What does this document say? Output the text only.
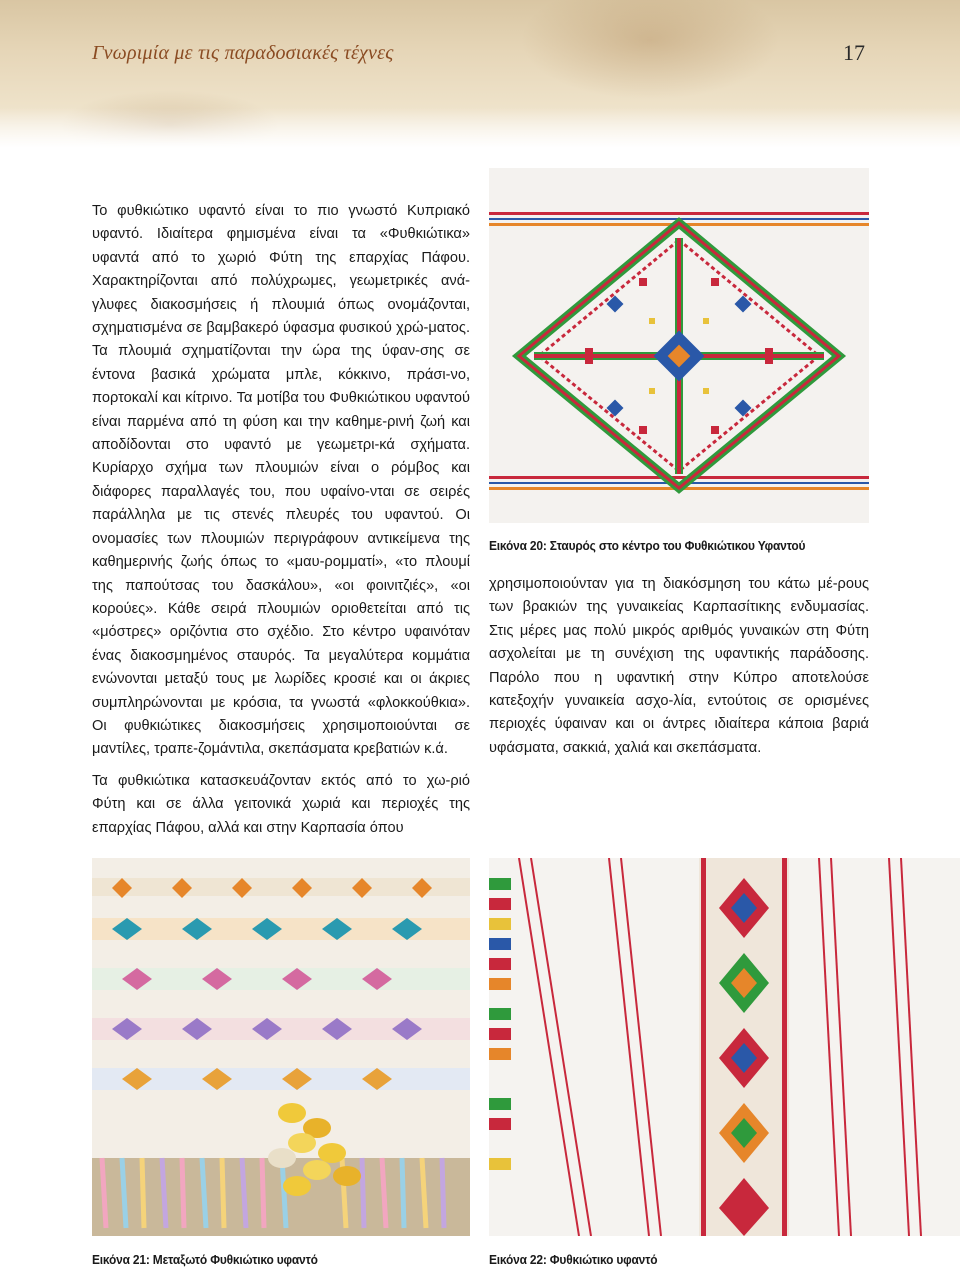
Γνωριμία με τις παραδοσιακές τέχνες	17

Το φυθκιώτικο υφαντό είναι το πιο γνωστό Κυπριακό υφαντό. Ιδιαίτερα φημισμένα είναι τα «Φυθκιώτικα» υφαντά από το χωριό Φύτη της επαρχίας Πάφου. Χαρακτηρίζονται από πολύχρωμες, γεωμετρικές ανά-γλυφες διακοσμήσεις ή πλουμιά όπως ονομάζονται, σχηματισμένα σε βαμβακερό ύφασμα φυσικού χρώ-ματος. Τα πλουμιά σχηματίζονται την ώρα της ύφαν-σης σε έντονα βασικά χρώματα μπλε, κόκκινο, πράσι-νο, πορτοκαλί και κίτρινο. Τα μοτίβα του Φυθκιώτικου υφαντού είναι παρμένα από τη φύση και την καθημε-ρινή ζωή και αποδίδονται στο υφαντό με γεωμετρι-κά σχήματα. Κυρίαρχο σχήμα των πλουμιών είναι ο ρόμβος και διάφορες παραλλαγές του, που υφαίνο-νται σε σειρές παράλληλα με τις στενές πλευρές του υφαντού. Οι ονομασίες των πλουμιών περιγράφουν αντικείμενα της καθημερινής ζωής όπως το «μαυ-ρομματί», «το πλουμί της παπούτσας του δασκάλου», «οι φοινιτζιές», «οι κορούες». Κάθε σειρά πλουμιών οριοθετείται από τις «μόστρες» οριζόντια στο σχέδιο. Στο κέντρο υφαινόταν ένας διακοσμημένος σταυρός. Τα μεγαλύτερα κομμάτια ενώνονται μεταξύ τους με λωρίδες κροσιέ και οι άκριες συμπληρώνονται με κρόσια, τα γνωστά «φλοκκούθκια». Οι φυθκιώτικες διακοσμήσεις χρησιμοποιούνται σε μαντίλες, τραπε-ζομάντιλα, σκεπάσματα κρεβατιών κ.ά.

Τα φυθκιώτικα κατασκευάζονταν εκτός από το χω-ριό Φύτη και σε άλλα γειτονικά χωριά και περιοχές της επαρχίας Πάφου, αλλά και στην Καρπασία όπου

Εικόνα 20: Σταυρός στο κέντρο του Φυθκιώτικου Υφαντού

χρησιμοποιούνταν για τη διακόσμηση του κάτω μέ-ρους των βρακιών της γυναικείας Καρπασίτικης ενδυμασίας. Στις μέρες μας πολύ μικρός αριθμός γυναικών στη Φύτη ασχολείται με τη συνέχιση της υφαντικής παράδοσης. Παρόλο που η υφαντική στην Κύπρο αποτελούσε κατεξοχήν γυναικεία ασχο-λία, εντούτοις σε ορισμένες περιοχές ύφαιναν και οι άντρες ιδιαίτερα κάποια βαριά υφάσματα, σακκιά, χαλιά και σκεπάσματα.

Εικόνα 21: Μεταξωτό Φυθκιώτικο υφαντό	Εικόνα 22: Φυθκιώτικο υφαντό
